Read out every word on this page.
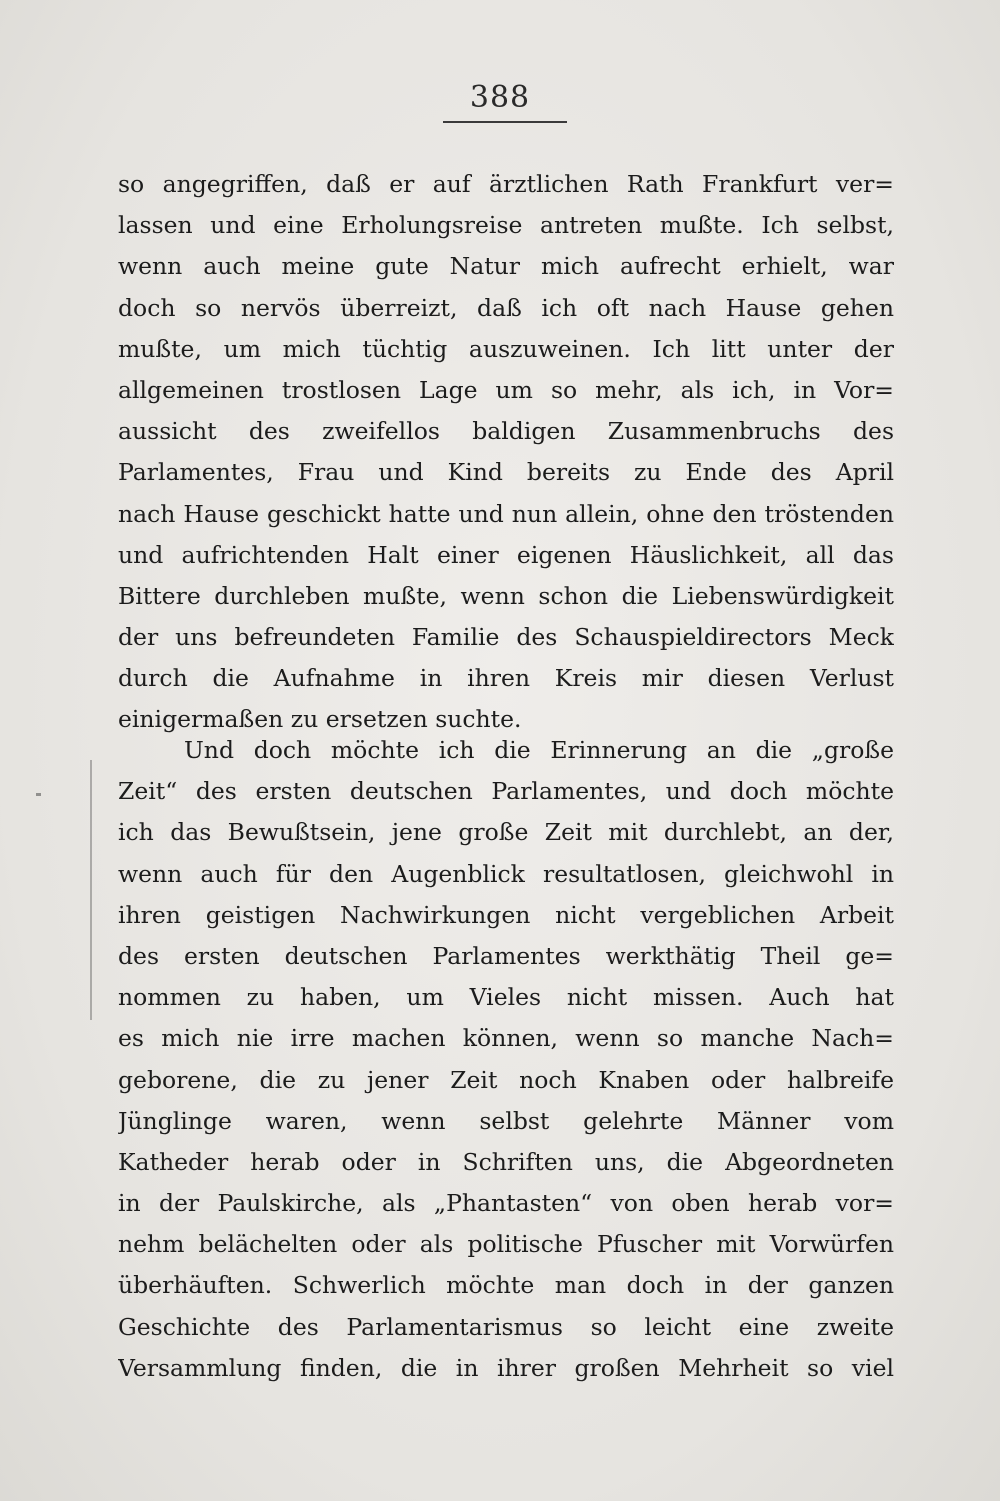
388
so angegriffen, daß er auf ärztlichen Rath Frankfurt ver=
lassen und eine Erholungsreise antreten mußte. Ich selbst,
wenn auch meine gute Natur mich aufrecht erhielt, war
doch so nervös überreizt, daß ich oft nach Hause gehen
mußte, um mich tüchtig auszuweinen. Ich litt unter der
allgemeinen trostlosen Lage um so mehr, als ich, in Vor=
aussicht des zweifellos baldigen Zusammenbruchs des
Parlamentes, Frau und Kind bereits zu Ende des April
nach Hause geschickt hatte und nun allein, ohne den tröstenden
und aufrichtenden Halt einer eigenen Häuslichkeit, all das
Bittere durchleben mußte, wenn schon die Liebenswürdigkeit
der uns befreundeten Familie des Schauspieldirectors Meck
durch die Aufnahme in ihren Kreis mir diesen Verlust
einigermaßen zu ersetzen suchte.
Und doch möchte ich die Erinnerung an die „große
Zeit“ des ersten deutschen Parlamentes, und doch möchte
ich das Bewußtsein, jene große Zeit mit durchlebt, an der,
wenn auch für den Augenblick resultatlosen, gleichwohl in
ihren geistigen Nachwirkungen nicht vergeblichen Arbeit
des ersten deutschen Parlamentes werkthätig Theil ge=
nommen zu haben, um Vieles nicht missen. Auch hat
es mich nie irre machen können, wenn so manche Nach=
geborene, die zu jener Zeit noch Knaben oder halbreife
Jünglinge waren, wenn selbst gelehrte Männer vom
Katheder herab oder in Schriften uns, die Abgeordneten
in der Paulskirche, als „Phantasten“ von oben herab vor=
nehm belächelten oder als politische Pfuscher mit Vorwürfen
überhäuften. Schwerlich möchte man doch in der ganzen
Geschichte des Parlamentarismus so leicht eine zweite
Versammlung finden, die in ihrer großen Mehrheit so viel
